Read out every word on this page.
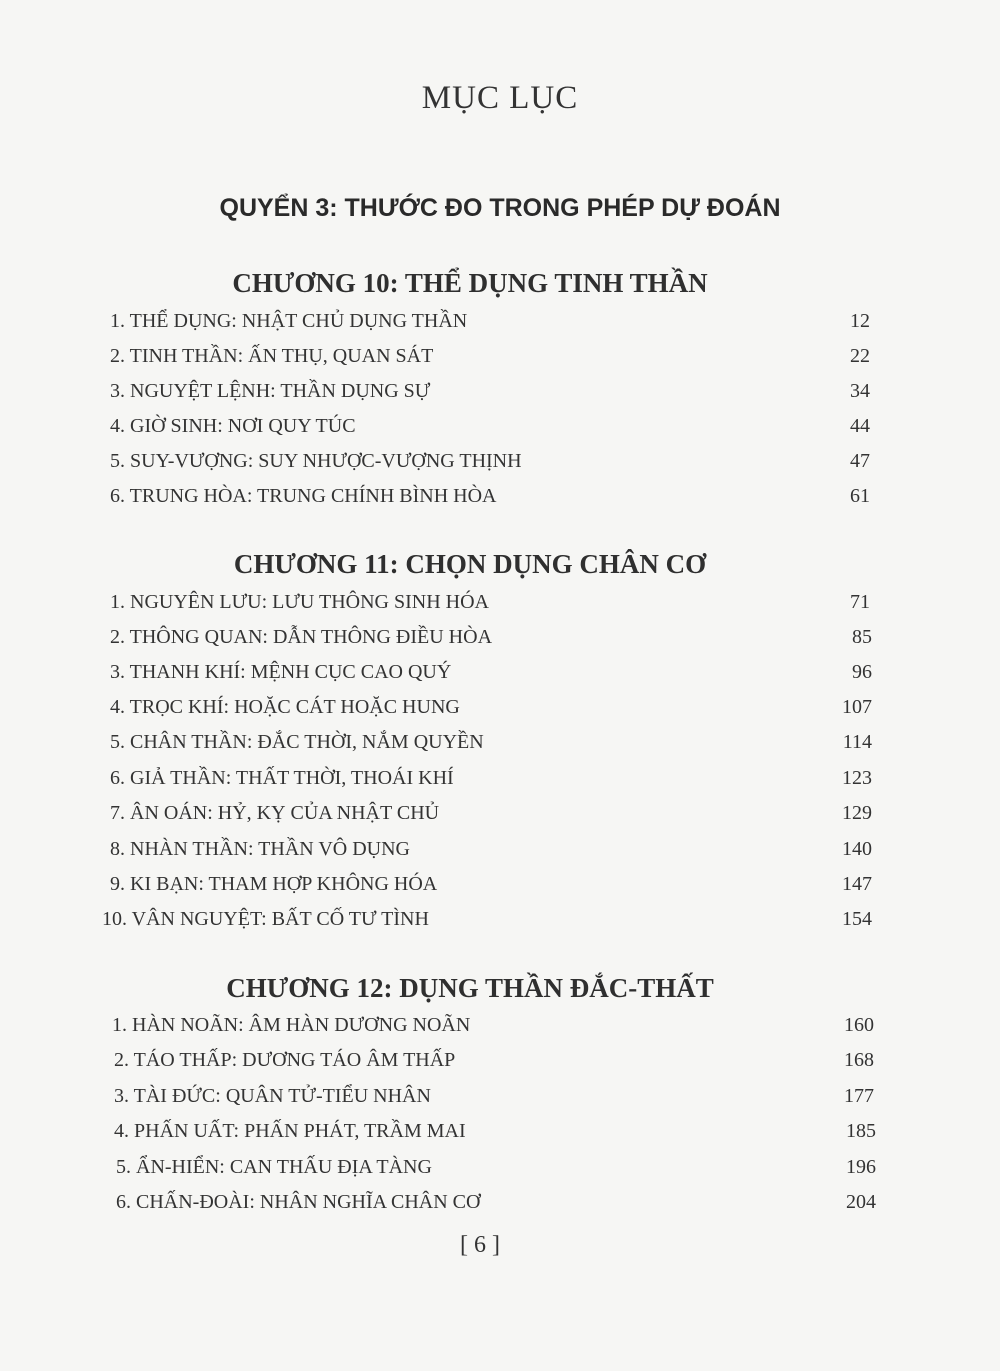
MỤC LỤC
QUYỂN 3: THƯỚC ĐO TRONG PHÉP DỰ ĐOÁN
CHƯƠNG 10: THỂ DỤNG TINH THẦN
1. THỂ DỤNG: NHẬT CHỦ DỤNG THẦN	12
2. TINH THẦN: ẤN THỤ, QUAN SÁT	22
3. NGUYỆT LỆNH: THẦN DỤNG SỰ	34
4. GIỜ SINH: NƠI QUY TÚC	44
5. SUY-VƯỢNG: SUY NHƯỢC-VƯỢNG THỊNH	47
6. TRUNG HÒA: TRUNG CHÍNH BÌNH HÒA	61
CHƯƠNG 11: CHỌN DỤNG CHÂN CƠ
1. NGUYÊN LƯU: LƯU THÔNG SINH HÓA	71
2. THÔNG QUAN: DẪN THÔNG ĐIỀU HÒA	85
3. THANH KHÍ: MỆNH CỤC CAO QUÝ	96
4. TRỌC KHÍ: HOẶC CÁT HOẶC HUNG	107
5. CHÂN THẦN: ĐẮC THỜI, NẮM QUYỀN	114
6. GIẢ THẦN: THẤT THỜI, THOÁI KHÍ	123
7. ÂN OÁN: HỶ, KỴ CỦA NHẬT CHỦ	129
8. NHÀN THẦN: THẦN VÔ DỤNG	140
9. KI BẠN: THAM HỢP KHÔNG HÓA	147
10. VÂN NGUYỆT: BẤT CỐ TƯ TÌNH	154
CHƯƠNG 12: DỤNG THẦN ĐẮC-THẤT
1. HÀN NOÃN: ÂM HÀN DƯƠNG NOÃN	160
2. TÁO THẤP: DƯƠNG TÁO ÂM THẤP	168
3. TÀI ĐỨC: QUÂN TỬ-TIỂU NHÂN	177
4. PHẤN UẤT: PHẤN PHÁT, TRẦM MAI	185
5. ẨN-HIỂN: CAN THẤU ĐỊA TÀNG	196
6. CHẤN-ĐOÀI: NHÂN NGHĨA CHÂN CƠ	204
[ 6 ]
